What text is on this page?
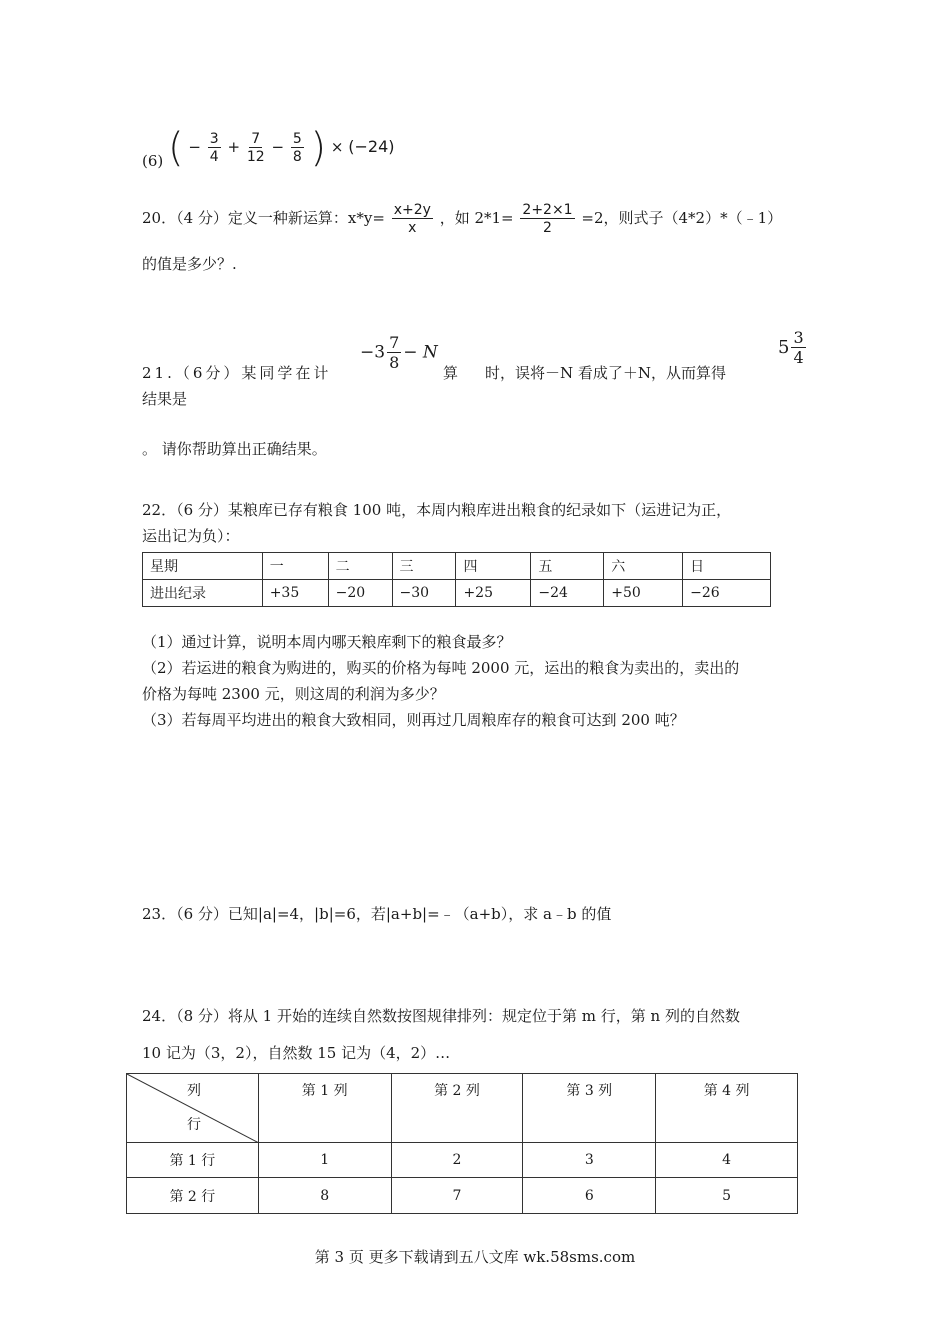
(6) ( − $\frac{3}{4} + \frac{7}{12} - \frac{5}{8}$ ) × (−24)
20．（4 分）定义一种新运算：$x*y= \frac{x+2y}{x}$ ，如 $2*1= \frac{2+2\times 1}{2} =2$，则式子（4*2）*（﹣1）
的值是多少？.
21.（6分）某同学在计
$-3 \frac{7}{8} - N$
算 时，误将－N 看成了＋N，从而算得
$5 \frac{3}{4}$
结果是
。 请你帮助算出正确结果。
22．（6 分）某粮库已存有粮食 100 吨，本周内粮库进出粮食的纪录如下（运进记为正，
运出记为负）：
星期	一	二	三	四	五	六	日
进出纪录	+35	−20	−30	+25	−24	+50	−26
（1）通过计算，说明本周内哪天粮库剩下的粮食最多？
（2）若运进的粮食为购进的，购买的价格为每吨 2000 元，运出的粮食为卖出的，卖出的
价格为每吨 2300 元，则这周的利润为多少？
（3）若每周平均进出的粮食大致相同，则再过几周粮库存的粮食可达到 200 吨？
23．（6 分）已知|a|=4，|b|=6，若|a+b|=﹣（a+b），求 a﹣b 的值
24．（8 分）将从 1 开始的连续自然数按图规律排列：规定位于第 m 行，第 n 列的自然数
10 记为（3，2），自然数 15 记为（4，2）…
列
行	第 1 列	第 2 列	第 3 列	第 4 列
第 1 行	1	2	3	4
第 2 行	8	7	6	5
第 3 页 更多下载请到五八文库 wk.58sms.com
